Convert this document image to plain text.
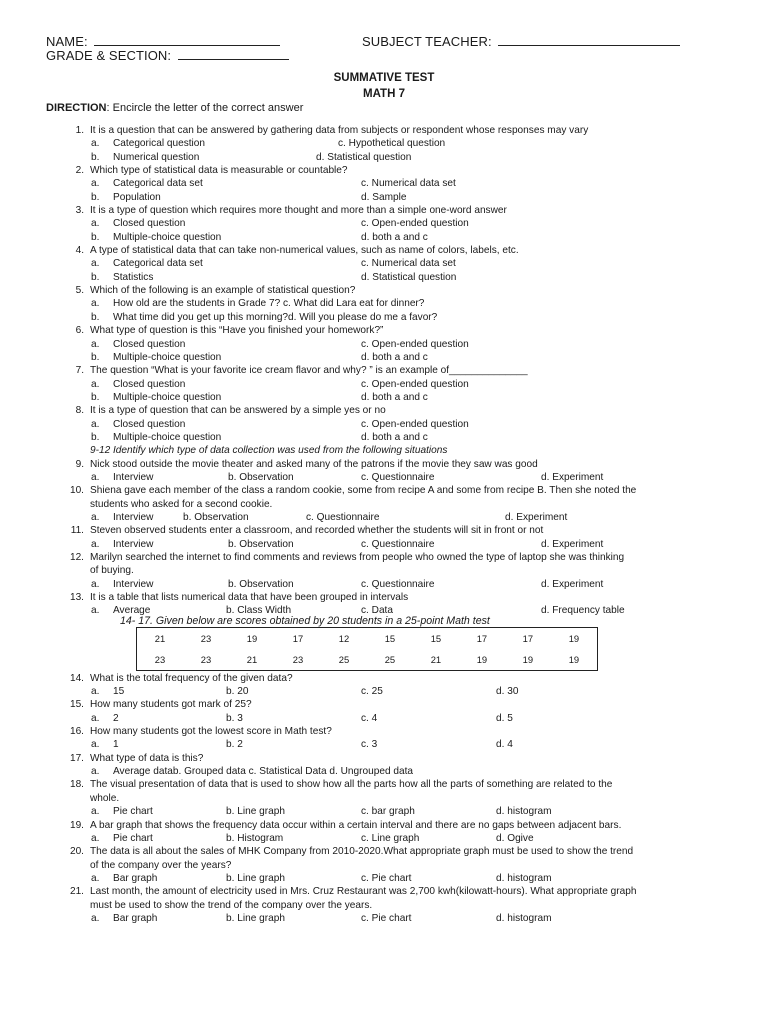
NAME:	SUBJECT TEACHER:
GRADE & SECTION:
SUMMATIVE TEST
MATH 7
DIRECTION: Encircle the letter of the correct answer
1. It is a question that can be answered by gathering data from subjects or respondent whose responses may vary
a. Categorical question	c. Hypothetical question
b. Numerical question	d. Statistical question
2. Which type of statistical data is measurable or countable?
a. Categorical data set	c. Numerical data set
b. Population	d. Sample
3. It is a type of question which requires more thought and more than a simple one-word answer
a. Closed question	c. Open-ended question
b. Multiple-choice question	d. both a and c
4. A type of statistical data that can take non-numerical values, such as name of colors, labels, etc.
a. Categorical data set	c. Numerical data set
b. Statistics	d. Statistical question
5. Which of the following is an example of statistical question?
a. How old are the students in Grade 7? c. What did Lara eat for dinner?
b. What time did you get up this morning?d. Will you please do me a favor?
6. What type of question is this “Have you finished your homework?”
a. Closed question	c. Open-ended question
b. Multiple-choice question	d. both a and c
7. The question “What is your favorite ice cream flavor and why? ” is an example of______________
a. Closed question	c. Open-ended question
b. Multiple-choice question	d. both a and c
8. It is a type of question that can be answered by a simple yes or no
a. Closed question	c. Open-ended question
b. Multiple-choice question	d. both a and c
9-12 Identify which type of data collection was used from the following situations
9. Nick stood outside the movie theater and asked many of the patrons if the movie they saw was good
a. Interview	b. Observation	c. Questionnaire	d. Experiment
10. Shiena gave each member of the class a random cookie, some from recipe A and some from recipe B. Then she noted the
students who asked for a second cookie.
a. Interview	b. Observation	c. Questionnaire	d. Experiment
11. Steven observed students enter a classroom, and recorded whether the students will sit in front or not
a. Interview	b. Observation	c. Questionnaire	d. Experiment
12. Marilyn searched the internet to find comments and reviews from people who owned the type of laptop she was thinking
of buying.
a. Interview	b. Observation	c. Questionnaire	d. Experiment
13. It is a table that lists numerical data that have been grouped in intervals
a. Average	b. Class Width	c. Data	d. Frequency table
14- 17. Given below are scores obtained by 20 students in a 25-point Math test
21	23	19	17	12	15	15	17	17	19
23	23	21	23	25	25	21	19	19	19
14. What is the total frequency of the given data?
a. 15	b. 20	c. 25	d. 30
15. How many students got mark of 25?
a. 2	b. 3	c. 4	d. 5
16. How many students got the lowest score in Math test?
a. 1	b. 2	c. 3	d. 4
17. What type of data is this?
a. Average datab. Grouped data c. Statistical Data d. Ungrouped data
18. The visual presentation of data that is used to show how all the parts how all the parts of something are related to the
whole.
a. Pie chart	b. Line graph	c. bar graph	d. histogram
19. A bar graph that shows the frequency data occur within a certain interval and there are no gaps between adjacent bars.
a. Pie chart	b. Histogram	c. Line graph	d. Ogive
20. The data is all about the sales of MHK Company from 2010-2020.What appropriate graph must be used to show the trend
of the company over the years?
a. Bar graph	b. Line graph	c. Pie chart	d. histogram
21. Last month, the amount of electricity used in Mrs. Cruz Restaurant was 2,700 kwh(kilowatt-hours). What appropriate graph
must be used to show the trend of the company over the years.
a. Bar graph	b. Line graph	c. Pie chart	d. histogram
